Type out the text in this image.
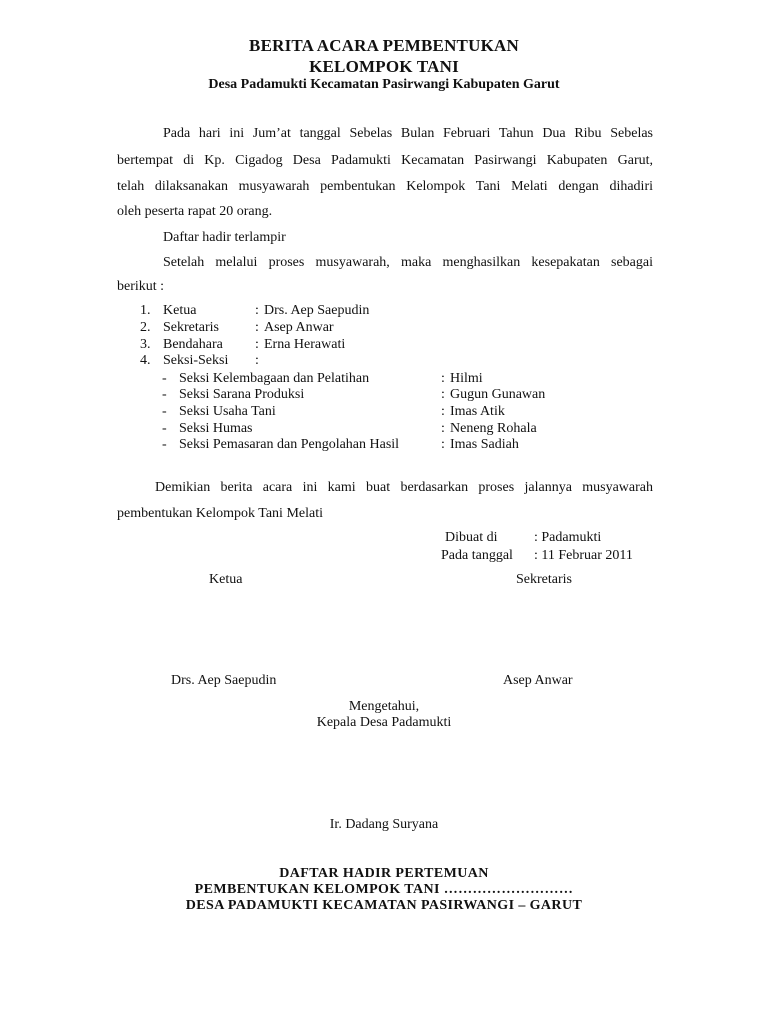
BERITA ACARA PEMBENTUKAN
KELOMPOK TANI
Desa Padamukti Kecamatan Pasirwangi Kabupaten Garut
Pada hari ini Jum’at tanggal Sebelas Bulan Februari Tahun Dua Ribu Sebelas
bertempat di Kp. Cigadog Desa Padamukti Kecamatan Pasirwangi Kabupaten Garut,
telah dilaksanakan musyawarah pembentukan Kelompok Tani Melati dengan dihadiri
oleh peserta rapat 20 orang.
Daftar hadir terlampir
Setelah melalui proses musyawarah, maka menghasilkan kesepakatan sebagai
berikut :
1. Ketua	: Drs. Aep Saepudin
2. Sekretaris	: Asep Anwar
3. Bendahara : Erna Herawati
4. Seksi-Seksi :
- Seksi Kelembagaan dan Pelatihan	: Hilmi
- Seksi Sarana Produksi	: Gugun Gunawan
- Seksi Usaha Tani	: Imas Atik
- Seksi Humas	: Neneng Rohala
- Seksi Pemasaran dan Pengolahan Hasil	: Imas Sadiah
Demikian berita acara ini kami buat berdasarkan proses jalannya musyawarah
pembentukan Kelompok Tani Melati
Dibuat di	: Padamukti
Pada tanggal : 11 Februar 2011
Ketua	Sekretaris
Drs. Aep Saepudin	Asep Anwar
Mengetahui,
Kepala Desa Padamukti
Ir. Dadang Suryana
DAFTAR HADIR PERTEMUAN
PEMBENTUKAN KELOMPOK TANI ………………………
DESA PADAMUKTI KECAMATAN PASIRWANGI – GARUT
